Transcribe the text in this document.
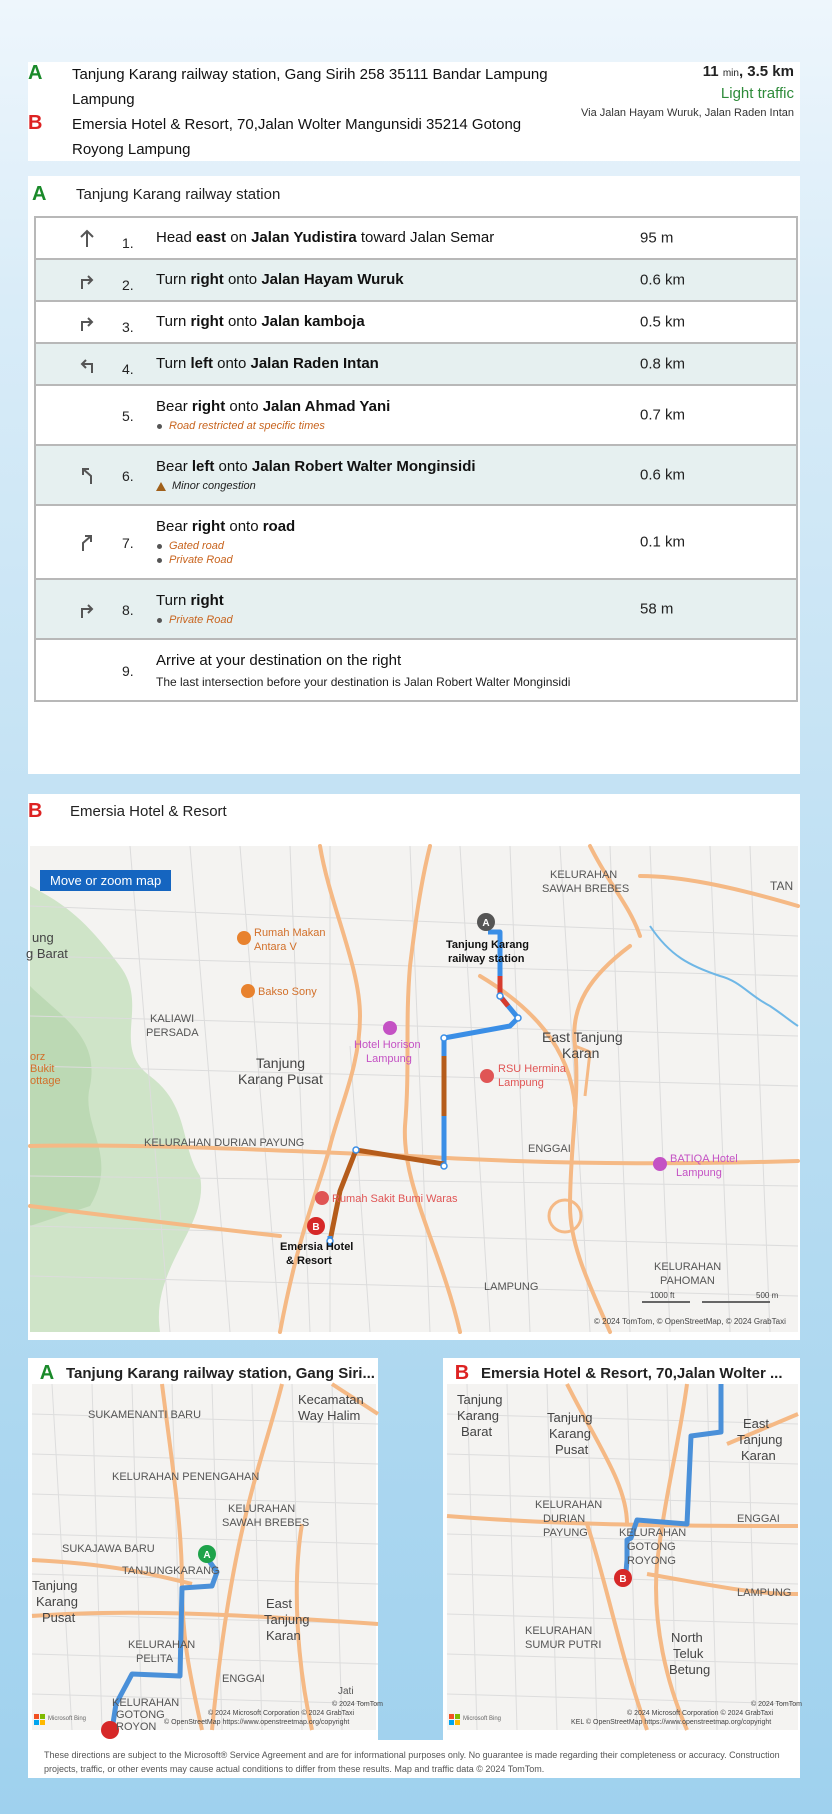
A	Tanjung Karang railway station, Gang Sirih 258 35111 Bandar Lampung Lampung
B	Emersia Hotel & Resort, 70,Jalan Wolter Mangunsidi 35214 Gotong Royong Lampung
11 min, 3.5 km
Light traffic
Via Jalan Hayam Wuruk, Jalan Raden Intan
A	Tanjung Karang railway station
1. Head east on Jalan Yudistira toward Jalan Semar	95 m
2. Turn right onto Jalan Hayam Wuruk	0.6 km
3. Turn right onto Jalan kamboja	0.5 km
4. Turn left onto Jalan Raden Intan	0.8 km
5.
Bear right onto Jalan Ahmad Yani
Road restricted at specific times
0.7 km
6.
Bear left onto Jalan Robert Walter Monginsidi
Minor congestion
0.6 km
7.
Bear right onto road
Gated road
Private Road
0.1 km
8.
Turn right
Private Road
58 m
9.
Arrive at your destination on the right
The last intersection before your destination is Jalan Robert Walter Monginsidi
B	Emersia Hotel & Resort
A
B
KELURAHAN
SAWAH BREBES	TAN
ung
g Barat
Rumah Makan
Antara V
Bakso Sony
KALIAWI
PERSADA
Tanjung Karang
railway station
Hotel Horison
Lampung
East Tanjung
Karan
orz
Bukit
ottage
Tanjung
Karang Pusat
RSU Hermina
Lampung
KELURAHAN DURIAN PAYUNG	ENGGAI
BATIQA Hotel
Lampung
Rumah Sakit Bumi Waras
Emersia Hotel
& Resort	KELURAHAN
PAHOMAN
LAMPUNG
1000 ft	500 m
© 2024 TomTom, © OpenStreetMap, © 2024 GrabTaxi
Move or zoom map
A Tanjung Karang railway station, Gang Siri...
A
SUKAMENANTI BARU
Kecamatan
Way Halim
KELURAHAN PENENGAHAN
KELURAHAN
SAWAH BREBES
SUKAJAWA BARU
Tanjung
Karang
Pusat
TANJUNGKARANG
East
Tanjung
Karan
KELURAHAN
PELITA
ENGGAI
Jati
KELURAHAN
GOTONG
ROYON
© 2024 TomTom
© 2024 Microsoft Corporation © 2024 GrabTaxi
© OpenStreetMap https://www.openstreetmap.org/copyright
Microsoft Bing
B Emersia Hotel & Resort, 70,Jalan Wolter ...
B
Tanjung
Karang
Barat
Tanjung
Karang
Pusat
East
Tanjung
Karan
KELURAHAN
DURIAN
PAYUNG
ENGGAI
KELURAHAN
GOTONG
ROYONG
LAMPUNG
KELURAHAN
SUMUR PUTRI	North
Teluk
Betung
© 2024 TomTom
© 2024 Microsoft Corporation © 2024 GrabTaxi
KEL © OpenStreetMap https://www.openstreetmap.org/copyright
Microsoft Bing
These directions are subject to the Microsoft® Service Agreement and are for informational purposes only. No guarantee is made regarding their completeness or accuracy. Construction projects, traffic, or other events may cause actual conditions to differ from these results. Map and traffic data © 2024 TomTom.
